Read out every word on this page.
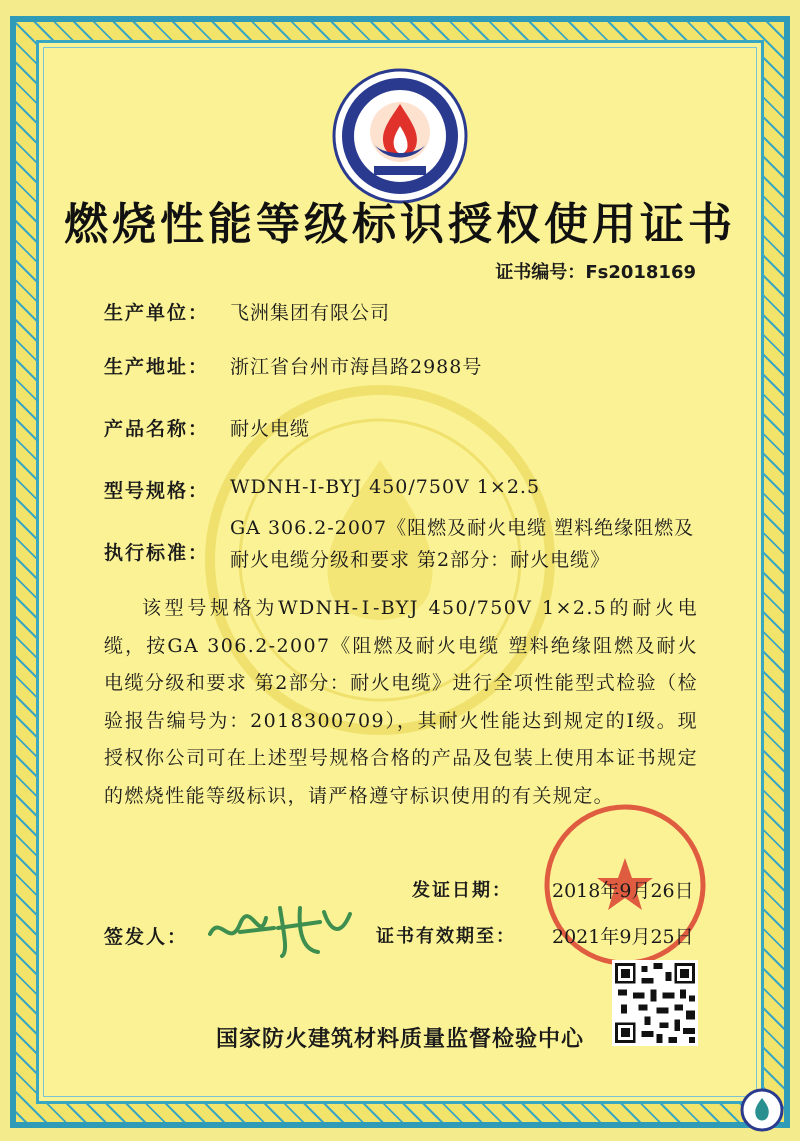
燃烧性能等级标识授权使用证书
证书编号：Fs2018169
生产单位： 飞洲集团有限公司
生产地址： 浙江省台州市海昌路2988号
产品名称： 耐火电缆
型号规格： WDNH-Ⅰ-BYJ 450/750V 1×2.5
执行标准：
GA 306.2-2007《阻燃及耐火电缆 塑料绝缘阻燃及耐火电缆分级和要求 第2部分：耐火电缆》
该型号规格为WDNH-Ⅰ-BYJ 450/750V 1×2.5的耐火电缆，按GA 306.2-2007《阻燃及耐火电缆 塑料绝缘阻燃及耐火电缆分级和要求 第2部分：耐火电缆》进行全项性能型式检验（检验报告编号为：2018300709），其耐火性能达到规定的Ⅰ级。现授权你公司可在上述型号规格合格的产品及包装上使用本证书规定的燃烧性能等级标识，请严格遵守标识使用的有关规定。
发证日期： 2018年9月26日
签发人：	证书有效期至： 2021年9月25日
国家防火建筑材料质量监督检验中心
